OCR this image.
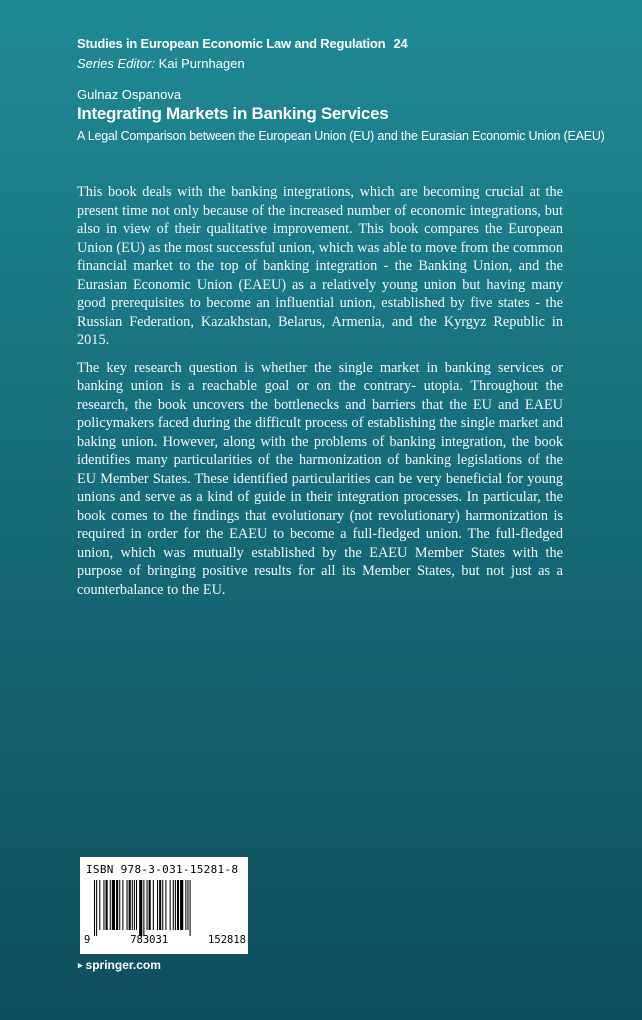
Studies in European Economic Law and Regulation 24
Series Editor: Kai Purnhagen
Gulnaz Ospanova
Integrating Markets in Banking Services
A Legal Comparison between the European Union (EU) and the Eurasian Economic Union (EAEU)

This book deals with the banking integrations, which are becoming crucial at the present time not only because of the increased number of economic integrations, but also in view of their qualitative improvement. This book compares the European Union (EU) as the most successful union, which was able to move from the common financial market to the top of banking integration - the Banking Union, and the Eurasian Economic Union (EAEU) as a relatively young union but having many good prerequisites to become an influential union, established by five states - the Russian Federation, Kazakhstan, Belarus, Armenia, and the Kyrgyz Republic in 2015.

The key research question is whether the single market in banking services or banking union is a reachable goal or on the contrary- utopia. Throughout the research, the book uncovers the bottlenecks and barriers that the EU and EAEU policymakers faced during the difficult process of establishing the single market and baking union. However, along with the problems of banking integration, the book identifies many particularities of the harmonization of banking legislations of the EU Member States. These identified particularities can be very beneficial for young unions and serve as a kind of guide in their integration processes. In particular, the book comes to the findings that evolutionary (not revolutionary) harmonization is required in order for the EAEU to become a full-fledged union. The full-fledged union, which was mutually established by the EAEU Member States with the purpose of bringing positive results for all its Member States, but not just as a counterbalance to the EU.

ISBN 978-3-031-15281-8
9	783031	152818
▸ springer.com
